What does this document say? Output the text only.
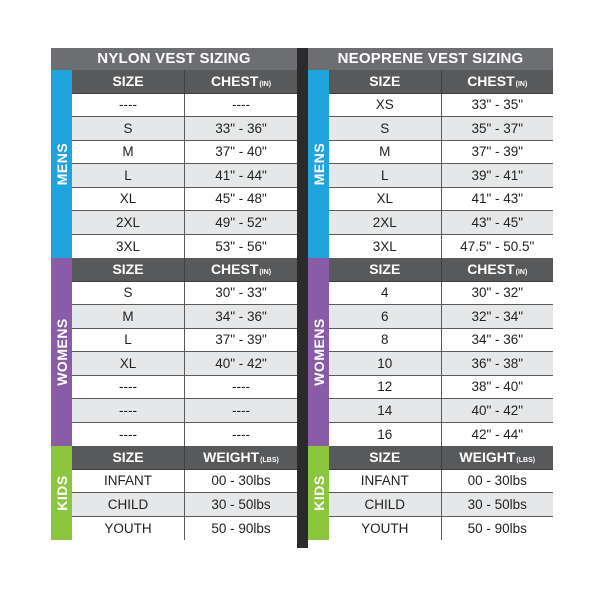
NYLON VEST SIZING
MENS
SIZE	$CHEST^{(IN)}$
----	----
S	33" - 36"
M	37" - 40"
L	41" - 44"
XL	45" - 48"
2XL	49" - 52"
3XL	53" - 56"
WOMENS
SIZE	$CHEST^{(IN)}$
S	30" - 33"
M	34" - 36"
L	37" - 39"
XL	40" - 42"
----	----
----	----
----	----
KIDS
SIZE	$WEIGHT^{(LBS)}$
INFANT	00 - 30lbs
CHILD	30 - 50lbs
YOUTH	50 - 90lbs
NEOPRENE VEST SIZING
MENS
SIZE	$CHEST^{(IN)}$
XS	33" - 35"
S	35" - 37"
M	37" - 39"
L	39" - 41"
XL	41" - 43"
2XL	43" - 45"
3XL	47.5" - 50.5"
WOMENS
SIZE	$CHEST^{(IN)}$
4	30" - 32"
6	32" - 34"
8	34" - 36"
10	36" - 38"
12	38" - 40"
14	40" - 42"
16	42" - 44"
KIDS
SIZE	$WEIGHT^{(LBS)}$
INFANT	00 - 30lbs
CHILD	30 - 50lbs
YOUTH	50 - 90lbs
